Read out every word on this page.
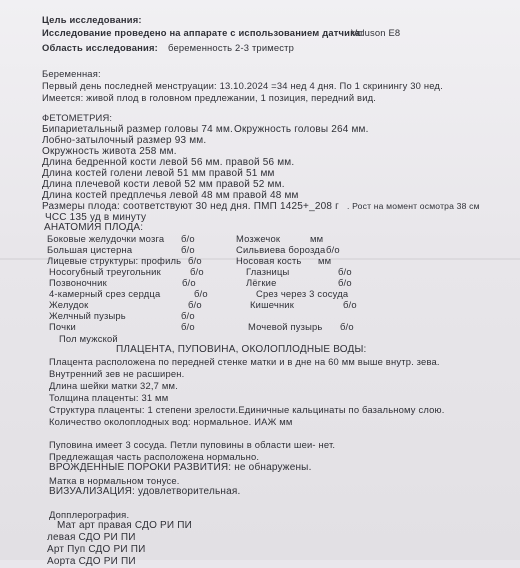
Цель исследования:
Исследование проведено на аппарате с использованием датчика:
Voluson E8
Область исследования: беременность 2-3 триместр
Беременная:
Первый день последней менструации: 13.10.2024 =34 нед 4 дня. По 1 скринингу 30 нед.
Имеется: живой плод в головном предлежании, 1 позиция, передний вид.
ФЕТОМЕТРИЯ:
Бипариетальный размер головы 74 мм. Окружность головы 264 мм.
Лобно-затылочный размер 93 мм.
Окружность живота 258 мм.
Длина бедренной кости левой 56 мм. правой 56 мм.
Длина костей голени левой 51 мм правой 51 мм
Длина плечевой кости левой 52 мм правой 52 мм.
Длина костей предплечья левой 48 мм правой 48 мм
Размеры плода: соответствуют 30 нед дня. ПМП 1425+_208 г . Рост на момент осмотра 38 см
ЧСС 135 уд в минуту
АНАТОМИЯ ПЛОДА:
Боковые желудочки мозга б/о	Мозжечок	мм
Большая цистерна	б/о	Сильвиева борозда б/о
Лицевые структуры: профиль б/о	Носовая кость мм
Носогубный треугольник	б/о	Глазницы	б/о
Позвоночник	б/о	Лёгкие	б/о
4-камерный срез сердца	б/о	Срез через 3 сосуда
Желудок	б/о	Кишечник	б/о
Желчный пузырь	б/о
Почки	б/о	Мочевой пузырь б/о
Пол мужской
ПЛАЦЕНТА, ПУПОВИНА, ОКОЛОПЛОДНЫЕ ВОДЫ:
Плацента расположена по передней стенке матки и в дне на 60 мм выше внутр. зева.
Внутренний зев не расширен.
Длина шейки матки 32,7 мм.
Толщина плаценты: 31 мм
Структура плаценты: 1 степени зрелости.Единичные кальцинаты по базальному слою.
Количество околоплодных вод: нормальное. ИАЖ мм
Пуповина имеет 3 сосуда. Петли пуповины в области шеи- нет.
Предлежащая часть расположена нормально.
ВРОЖДЕННЫЕ ПОРОКИ РАЗВИТИЯ: не обнаружены.
Матка в нормальном тонусе.
ВИЗУАЛИЗАЦИЯ: удовлетворительная.
Допплерография.
Мат арт правая СДО РИ ПИ
левая СДО РИ ПИ
Арт Пуп СДО РИ ПИ
Аорта СДО РИ ПИ
